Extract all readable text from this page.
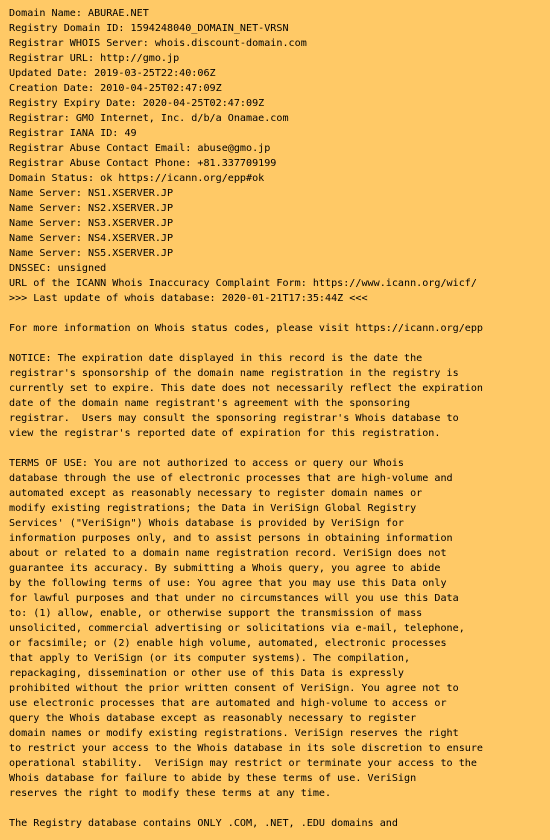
Domain Name: ABURAE.NET
Registry Domain ID: 1594248040_DOMAIN_NET-VRSN
Registrar WHOIS Server: whois.discount-domain.com
Registrar URL: http://gmo.jp
Updated Date: 2019-03-25T22:40:06Z
Creation Date: 2010-04-25T02:47:09Z
Registry Expiry Date: 2020-04-25T02:47:09Z
Registrar: GMO Internet, Inc. d/b/a Onamae.com
Registrar IANA ID: 49
Registrar Abuse Contact Email: abuse@gmo.jp
Registrar Abuse Contact Phone: +81.337709199
Domain Status: ok https://icann.org/epp#ok
Name Server: NS1.XSERVER.JP
Name Server: NS2.XSERVER.JP
Name Server: NS3.XSERVER.JP
Name Server: NS4.XSERVER.JP
Name Server: NS5.XSERVER.JP
DNSSEC: unsigned
URL of the ICANN Whois Inaccuracy Complaint Form: https://www.icann.org/wicf/
>>> Last update of whois database: 2020-01-21T17:35:44Z <<<
For more information on Whois status codes, please visit https://icann.org/epp
NOTICE: The expiration date displayed in this record is the date the
registrar's sponsorship of the domain name registration in the registry is
currently set to expire. This date does not necessarily reflect the expiration
date of the domain name registrant's agreement with the sponsoring
registrar.  Users may consult the sponsoring registrar's Whois database to
view the registrar's reported date of expiration for this registration.
TERMS OF USE: You are not authorized to access or query our Whois
database through the use of electronic processes that are high-volume and
automated except as reasonably necessary to register domain names or
modify existing registrations; the Data in VeriSign Global Registry
Services' ("VeriSign") Whois database is provided by VeriSign for
information purposes only, and to assist persons in obtaining information
about or related to a domain name registration record. VeriSign does not
guarantee its accuracy. By submitting a Whois query, you agree to abide
by the following terms of use: You agree that you may use this Data only
for lawful purposes and that under no circumstances will you use this Data
to: (1) allow, enable, or otherwise support the transmission of mass
unsolicited, commercial advertising or solicitations via e-mail, telephone,
or facsimile; or (2) enable high volume, automated, electronic processes
that apply to VeriSign (or its computer systems). The compilation,
repackaging, dissemination or other use of this Data is expressly
prohibited without the prior written consent of VeriSign. You agree not to
use electronic processes that are automated and high-volume to access or
query the Whois database except as reasonably necessary to register
domain names or modify existing registrations. VeriSign reserves the right
to restrict your access to the Whois database in its sole discretion to ensure
operational stability.  VeriSign may restrict or terminate your access to the
Whois database for failure to abide by these terms of use. VeriSign
reserves the right to modify these terms at any time.
The Registry database contains ONLY .COM, .NET, .EDU domains and
